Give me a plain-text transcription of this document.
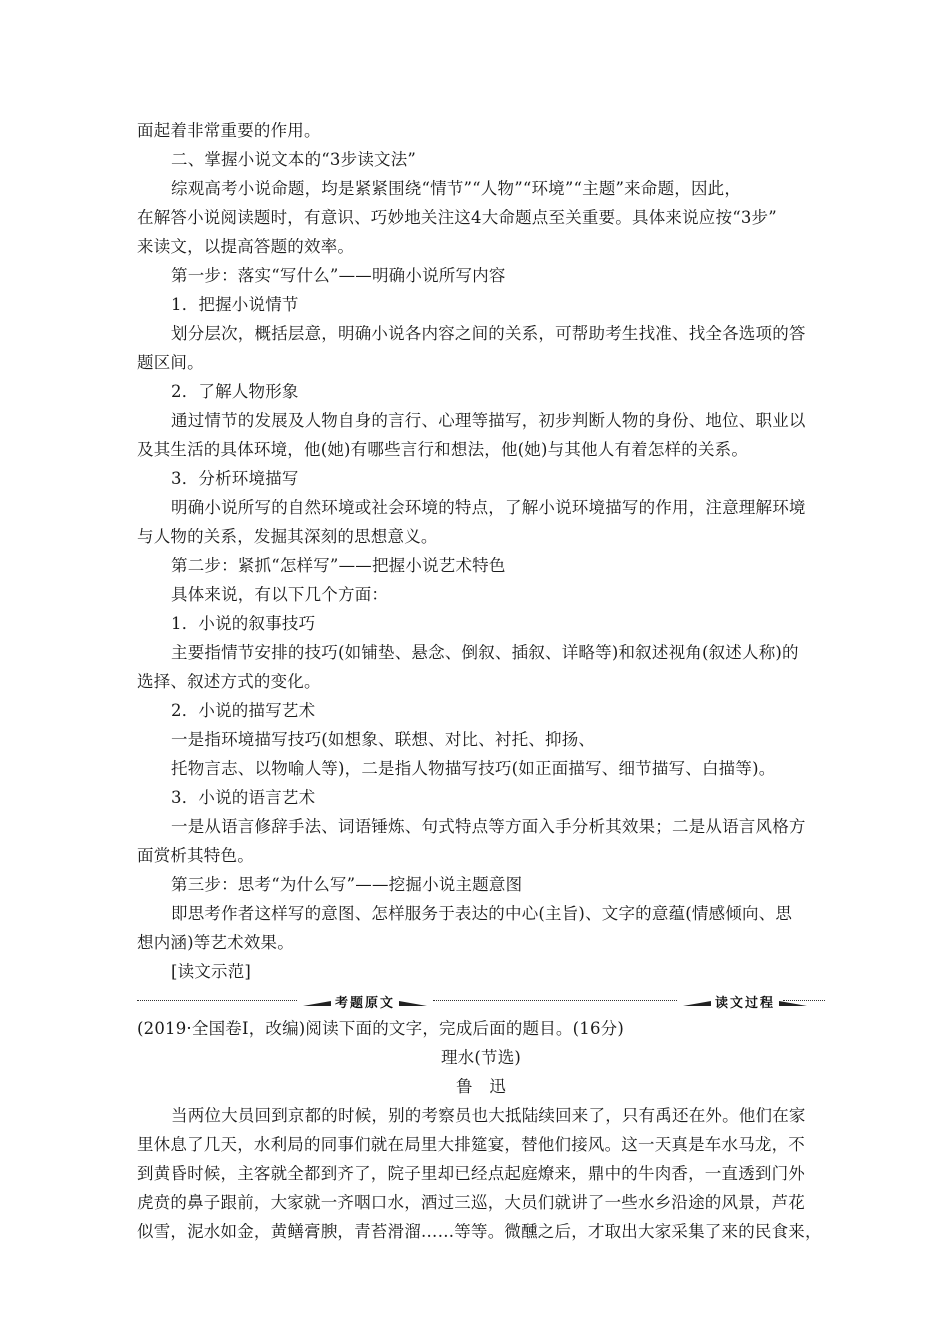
面起着非常重要的作用。
二、掌握小说文本的“3步读文法”
综观高考小说命题，均是紧紧围绕“情节”“人物”“环境”“主题”来命题，因此，
在解答小说阅读题时，有意识、巧妙地关注这4大命题点至关重要。具体来说应按“3步”
来读文，以提高答题的效率。
第一步：落实“写什么”——明确小说所写内容
1．把握小说情节
划分层次，概括层意，明确小说各内容之间的关系，可帮助考生找准、找全各选项的答
题区间。
2．了解人物形象
通过情节的发展及人物自身的言行、心理等描写，初步判断人物的身份、地位、职业以
及其生活的具体环境，他(她)有哪些言行和想法，他(她)与其他人有着怎样的关系。
3．分析环境描写
明确小说所写的自然环境或社会环境的特点，了解小说环境描写的作用，注意理解环境
与人物的关系，发掘其深刻的思想意义。
第二步：紧抓“怎样写”——把握小说艺术特色
具体来说，有以下几个方面：
1．小说的叙事技巧
主要指情节安排的技巧(如铺垫、悬念、倒叙、插叙、详略等)和叙述视角(叙述人称)的
选择、叙述方式的变化。
2．小说的描写艺术
一是指环境描写技巧(如想象、联想、对比、衬托、抑扬、
托物言志、以物喻人等)，二是指人物描写技巧(如正面描写、细节描写、白描等)。
3．小说的语言艺术
一是从语言修辞手法、词语锤炼、句式特点等方面入手分析其效果；二是从语言风格方
面赏析其特色。
第三步：思考“为什么写”——挖掘小说主题意图
即思考作者这样写的意图、怎样服务于表达的中心(主旨)、文字的意蕴(情感倾向、思
想内涵)等艺术效果。
[读文示范]
考题原文	读文过程
(2019·全国卷Ⅰ，改编)阅读下面的文字，完成后面的题目。(16分)
理水(节选)
鲁　迅
当两位大员回到京都的时候，别的考察员也大抵陆续回来了，只有禹还在外。他们在家
里休息了几天，水利局的同事们就在局里大排筵宴，替他们接风。这一天真是车水马龙，不
到黄昏时候，主客就全都到齐了，院子里却已经点起庭燎来，鼎中的牛肉香，一直透到门外
虎贲的鼻子跟前，大家就一齐咽口水，酒过三巡，大员们就讲了一些水乡沿途的风景，芦花
似雪，泥水如金，黄鳝膏腴，青苔滑溜……等等。微醺之后，才取出大家采集了来的民食来，
